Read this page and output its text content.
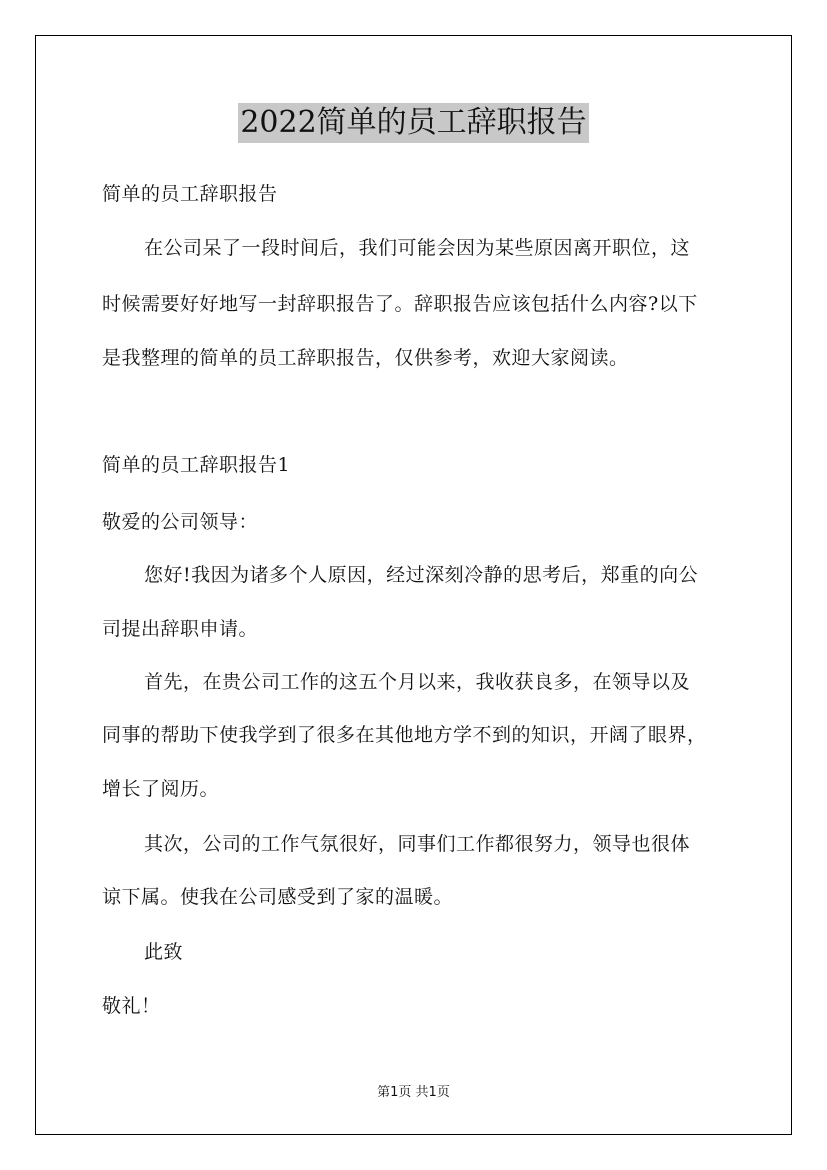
2022简单的员工辞职报告
简单的员工辞职报告
在公司呆了一段时间后，我们可能会因为某些原因离开职位，这
时候需要好好地写一封辞职报告了。辞职报告应该包括什么内容?以下
是我整理的简单的员工辞职报告，仅供参考，欢迎大家阅读。
简单的员工辞职报告1
敬爱的公司领导：
您好!我因为诸多个人原因，经过深刻冷静的思考后，郑重的向公
司提出辞职申请。
首先，在贵公司工作的这五个月以来，我收获良多，在领导以及
同事的帮助下使我学到了很多在其他地方学不到的知识，开阔了眼界，
增长了阅历。
其次，公司的工作气氛很好，同事们工作都很努力，领导也很体
谅下属。使我在公司感受到了家的温暖。
此致
敬礼！
第1页 共1页
